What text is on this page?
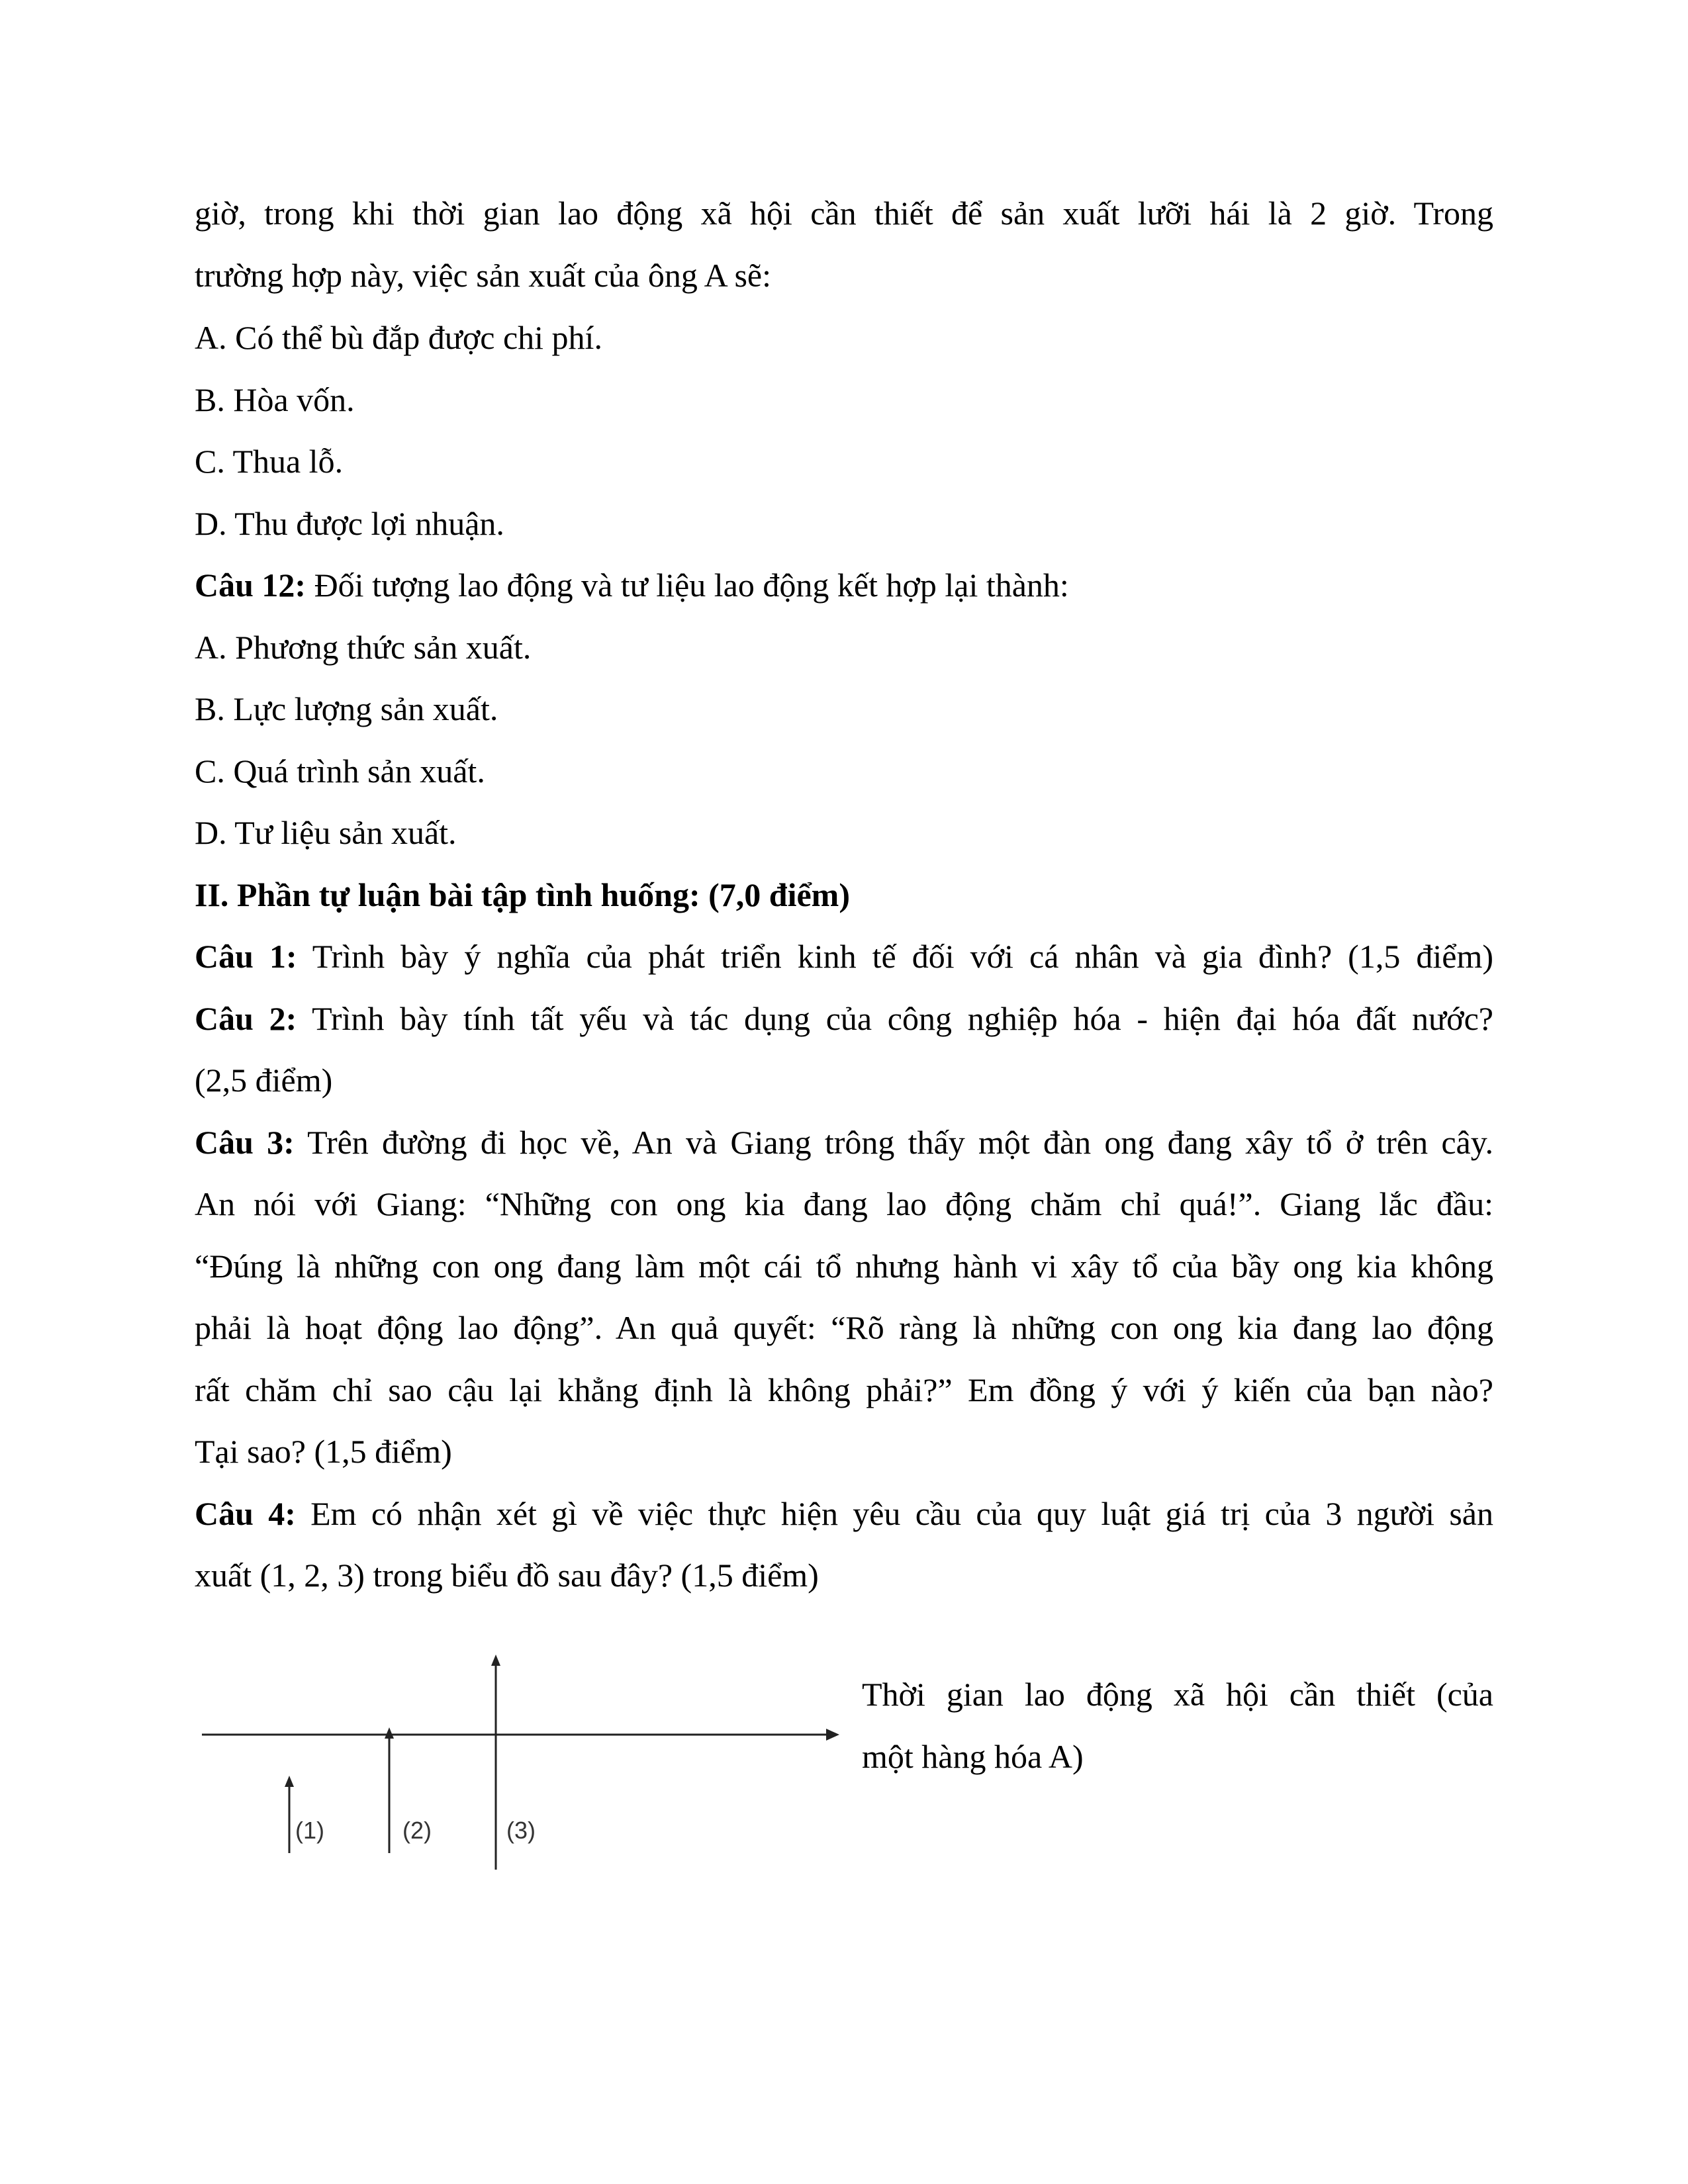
giờ, trong khi thời gian lao động xã hội cần thiết để sản xuất lưỡi hái là 2 giờ. Trong
trường hợp này, việc sản xuất của ông A sẽ:
A. Có thể bù đắp được chi phí.
B. Hòa vốn.
C. Thua lỗ.
D. Thu được lợi nhuận.
Câu 12: Đối tượng lao động và tư liệu lao động kết hợp lại thành:
A. Phương thức sản xuất.
B. Lực lượng sản xuất.
C. Quá trình sản xuất.
D. Tư liệu sản xuất.
II. Phần tự luận bài tập tình huống: (7,0 điểm)
Câu 1: Trình bày ý nghĩa của phát triển kinh tế đối với cá nhân và gia đình? (1,5 điểm)
Câu 2: Trình bày tính tất yếu và tác dụng của công nghiệp hóa - hiện đại hóa đất nước?
(2,5 điểm)
Câu 3: Trên đường đi học về, An và Giang trông thấy một đàn ong đang xây tổ ở trên cây.
An nói với Giang: “Những con ong kia đang lao động chăm chỉ quá!”. Giang lắc đầu:
“Đúng là những con ong đang làm một cái tổ nhưng hành vi xây tổ của bầy ong kia không
phải là hoạt động lao động”. An quả quyết: “Rõ ràng là những con ong kia đang lao động
rất chăm chỉ sao cậu lại khẳng định là không phải?” Em đồng ý với ý kiến của bạn nào?
Tại sao? (1,5 điểm)
Câu 4: Em có nhận xét gì về việc thực hiện yêu cầu của quy luật giá trị của 3 người sản
xuất (1, 2, 3) trong biểu đồ sau đây? (1,5 điểm)
(1)	(2)	(3)
Thời gian lao động xã hội cần thiết (của
một hàng hóa A)
